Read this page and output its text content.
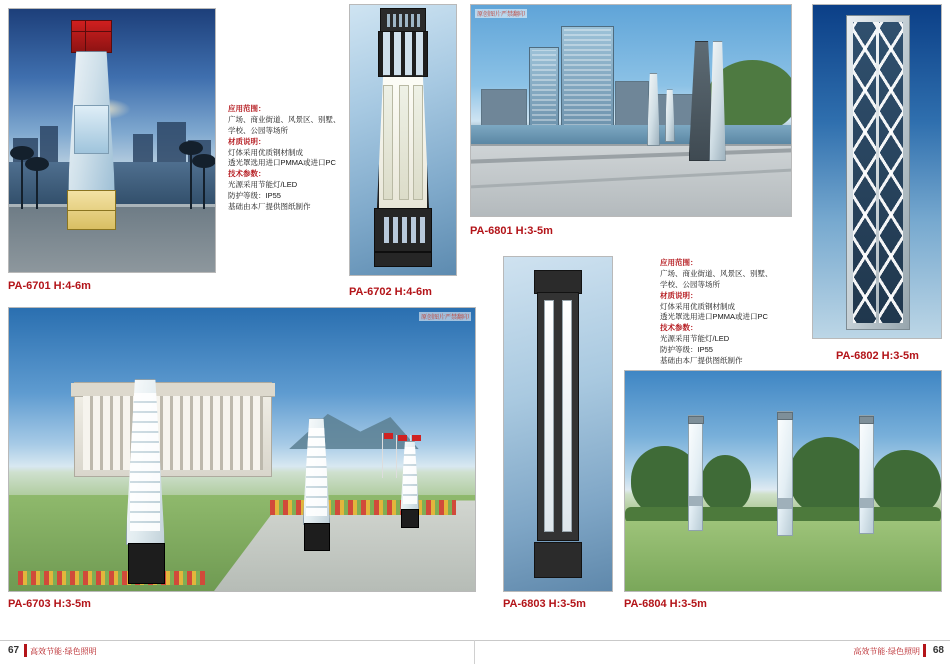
PA-6701 H:4-6m
应用范围：
广场、商业街道、风景区、别墅、
学校、公园等场所
材质说明：
灯体采用优质钢材制成
透光罩选用进口PMMA或进口PC
技术参数：
光源采用节能灯/LED
防护等级：IP55
基础由本厂提供图纸制作
PA-6702 H:4-6m
原创图片严禁翻印
PA-6801 H:3-5m
PA-6802 H:3-5m
应用范围：
广场、商业街道、风景区、别墅、
学校、公园等场所
材质说明：
灯体采用优质钢材制成
透光罩选用进口PMMA或进口PC
技术参数：
光源采用节能灯/LED
防护等级：IP55
基础由本厂提供图纸制作
原创图片严禁翻印
PA-6703 H:3-5m	PA-6803 H:3-5m	PA-6804 H:3-5m
67 高效节能·绿色照明	高效节能·绿色照明 68
